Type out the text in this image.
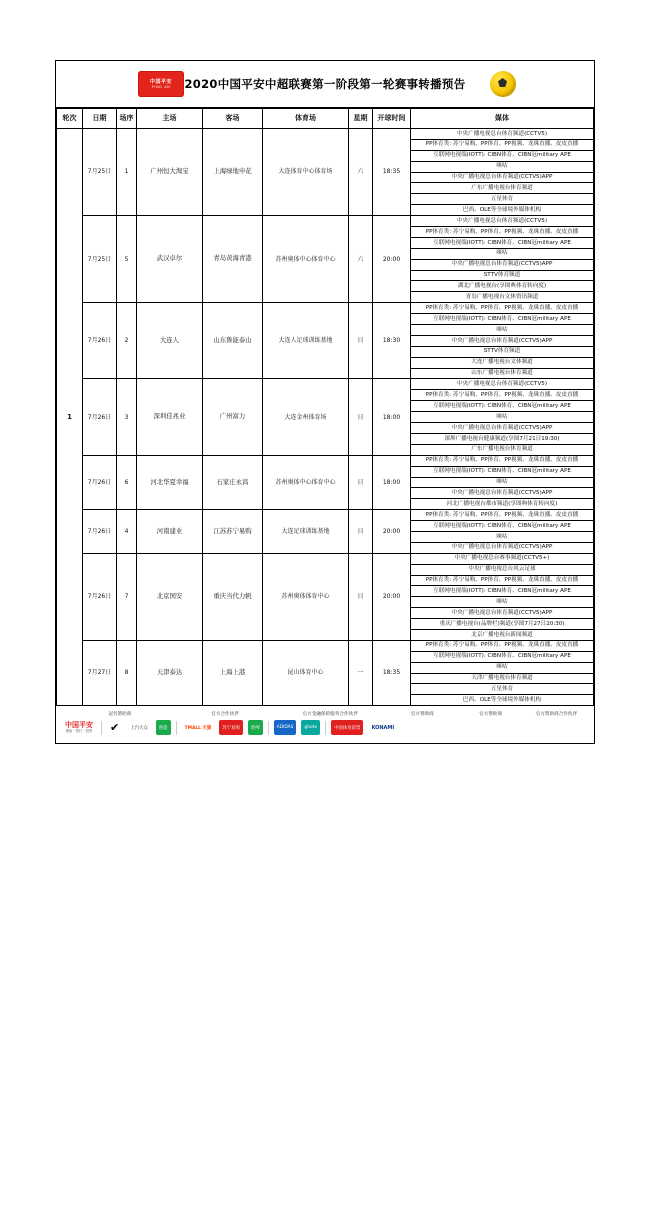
中国平安
PING AN 2020中国平安中超联赛第一阶段第一轮赛事转播预告
轮次	日期	场序	主场	客场	体育场	星期	开球时间	媒体
1	7月25日	1	广州恒大淘宝	上海绿地申花	大连体育中心体育场	六	18:35	中央广播电视总台体育频道(CCTV5)
								PP体育类: 苏宁易购、PP体育、PP视频、龙珠直播、皮皮直播
								互联网电视端(IOTT): CIBN体育、CIBN冠military APE
								咪咕
								中央广播电视总台体育频道(CCTV5)APP
								广东广播电视台体育频道
								五星体育
								巴西、OLE等全球境外媒体机构
	7月25日	5	武汉卓尔	青岛黄海青港	苏州奥体中心体育中心	六	20:00	中央广播电视总台体育频道(CCTV5)
								PP体育类: 苏宁易购、PP体育、PP视频、龙珠直播、皮皮直播
								互联网电视端(IOTT): CIBN体育、CIBN冠military APE
								咪咕
								中央广播电视总台体育频道(CCTV5)APP
								STTV体育频道
								湖北广播电视台(享图典体育转向度)
								青岛广播电视台文体资讯频道
	7月26日	2	大连人	山东鲁能泰山	大连人足球训练基地	日	18:30	PP体育类: 苏宁易购、PP体育、PP视频、龙珠直播、皮皮直播
								互联网电视端(IOTT): CIBN体育、CIBN冠military APE
								咪咕
								中央广播电视总台体育频道(CCTV5)APP
								STTV体育频道
								大连广播电视台文体频道
								山东广播电视台体育频道
	7月26日	3	深圳佳兆业	广州富力	大连金州体育场	日	18:00	中央广播电视总台体育频道(CCTV5)
								PP体育类: 苏宁易购、PP体育、PP视频、龙珠直播、皮皮直播
								互联网电视端(IOTT): CIBN体育、CIBN冠military APE
								咪咕
								中央广播电视总台体育频道(CCTV5)APP
								深圳广播电视台健康频道(享图7月21日19:30)
								广东广播电视台体育频道
	7月26日	6	河北华夏幸福	石家庄永昌	苏州奥体中心体育中心	日	18:00	PP体育类: 苏宁易购、PP体育、PP视频、龙珠直播、皮皮直播
								互联网电视端(IOTT): CIBN体育、CIBN冠military APE
								咪咕
								中央广播电视总台体育频道(CCTV5)APP
								河北广播电视台都市频道(享图典体育转向度)
	7月26日	4	河南建业	江苏苏宁易购	大连足球训练基地	日	20:00	PP体育类: 苏宁易购、PP体育、PP视频、龙珠直播、皮皮直播
								互联网电视端(IOTT): CIBN体育、CIBN冠military APE
								咪咕
								中央广播电视总台体育频道(CCTV5)APP
	7月26日	7	北京国安	重庆当代力帆	苏州奥体体育中心	日	20:00	中央广播电视总台赛事频道(CCTV5+)
								中央广播电视总台风云足球
								PP体育类: 苏宁易购、PP体育、PP视频、龙珠直播、皮皮直播
								互联网电视端(IOTT): CIBN体育、CIBN冠military APE
								咪咕
								中央广播电视总台体育频道(CCTV5)APP
								重庆广播电视台(品牌栏)频道(享图7月27日20:30)
								北京广播电视台新闻频道
	7月27日	8	天津泰达	上海上港	昆山体育中心	一	18:35	PP体育类: 苏宁易购、PP体育、PP视频、龙珠直播、皮皮直播
								互联网电视端(IOTT): CIBN体育、CIBN冠military APE
								咪咕
								天津广播电视台体育频道
								五星体育
								巴西、OLE等全球境外媒体机构
冠名赞助商	官方合作伙伴	官方金融保险服务合作伙伴	官方赞助商	官方赞助商	官方赞助商合作伙伴
中国平安
保险 · 银行 · 投资 ✔	上汽大众	鲁能	TMALL 天猫	苏宁易购	哈啤	ADIDAS	ghoto	中国体育彩票	KONAMI
